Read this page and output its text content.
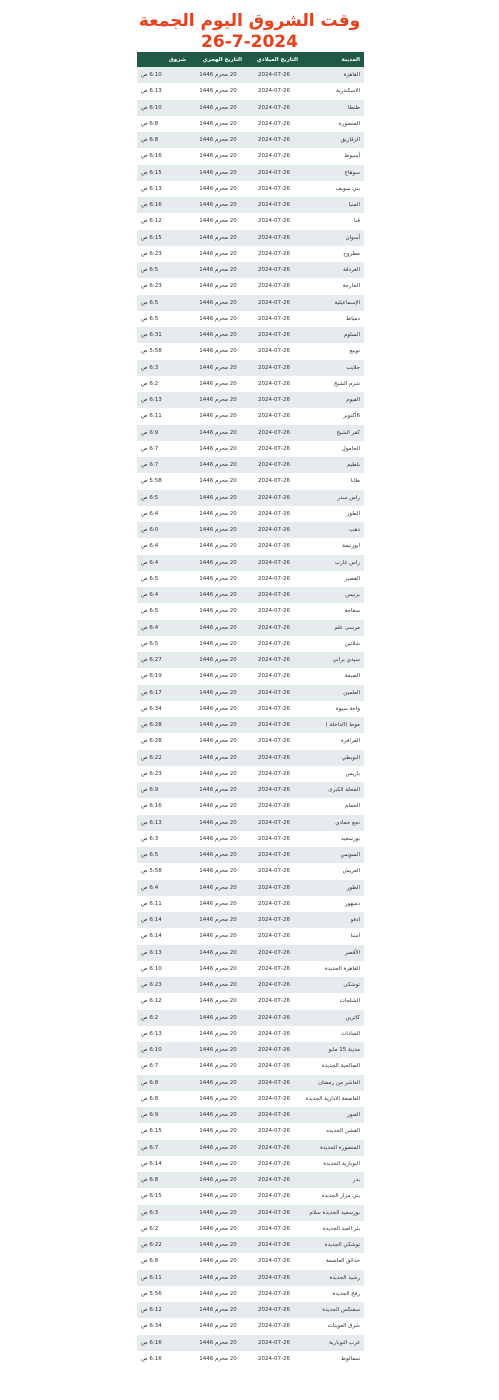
وقت الشروق اليوم الجمعة
26-7-2024
المدينة	التاريخ الميلادي	التاريخ الهجري	شروق
القاهرة	2024-07-26	20 محرم 1446	6:10 ص
الاسكندرية	2024-07-26	20 محرم 1446	6:13 ص
طنطا	2024-07-26	20 محرم 1446	6:10 ص
المنصورة	2024-07-26	20 محرم 1446	6:8 ص
الزقازيق	2024-07-26	20 محرم 1446	6:8 ص
أسيوط	2024-07-26	20 محرم 1446	6:16 ص
سوهاج	2024-07-26	20 محرم 1446	6:15 ص
بني سويف	2024-07-26	20 محرم 1446	6:13 ص
المنيا	2024-07-26	20 محرم 1446	6:16 ص
قنا	2024-07-26	20 محرم 1446	6:12 ص
أسوان	2024-07-26	20 محرم 1446	6:15 ص
مطروح	2024-07-26	20 محرم 1446	6:23 ص
الغردقة	2024-07-26	20 محرم 1446	6:5 ص
الخارجة	2024-07-26	20 محرم 1446	6:23 ص
الإسماعيلية	2024-07-26	20 محرم 1446	6:5 ص
دمياط	2024-07-26	20 محرم 1446	6:5 ص
السلوم	2024-07-26	20 محرم 1446	6:31 ص
نويبع	2024-07-26	20 محرم 1446	5:58 ص
حلايب	2024-07-26	20 محرم 1446	6:3 ص
شرم الشيخ	2024-07-26	20 محرم 1446	6:2 ص
الفيوم	2024-07-26	20 محرم 1446	6:13 ص
6أكتوبر	2024-07-26	20 محرم 1446	6:11 ص
كفر الشيخ	2024-07-26	20 محرم 1446	6:9 ص
الحامول	2024-07-26	20 محرم 1446	6:7 ص
بلطيم	2024-07-26	20 محرم 1446	6:7 ص
طابا	2024-07-26	20 محرم 1446	5:58 ص
راس سدر	2024-07-26	20 محرم 1446	6:5 ص
الطور	2024-07-26	20 محرم 1446	6:4 ص
دهب	2024-07-26	20 محرم 1446	6:0 ص
ابوزنيمة	2024-07-26	20 محرم 1446	6:4 ص
راس غارب	2024-07-26	20 محرم 1446	6:4 ص
القصير	2024-07-26	20 محرم 1446	6:5 ص
برنيس	2024-07-26	20 محرم 1446	6:4 ص
سفاجة	2024-07-26	20 محرم 1446	6:5 ص
مرسى علم	2024-07-26	20 محرم 1446	6:4 ص
شلاتين	2024-07-26	20 محرم 1446	6:5 ص
سيدي براني	2024-07-26	20 محرم 1446	6:27 ص
الضبعة	2024-07-26	20 محرم 1446	6:19 ص
العلمين	2024-07-26	20 محرم 1446	6:17 ص
واحة سيوة	2024-07-26	20 محرم 1446	6:34 ص
موط (الداخلة )	2024-07-26	20 محرم 1446	6:28 ص
الفرافرة	2024-07-26	20 محرم 1446	6:28 ص
البويطي	2024-07-26	20 محرم 1446	6:22 ص
باريس	2024-07-26	20 محرم 1446	6:23 ص
المحلة الكبرى	2024-07-26	20 محرم 1446	6:9 ص
الحمام	2024-07-26	20 محرم 1446	6:16 ص
نجع حمادي	2024-07-26	20 محرم 1446	6:13 ص
بورسعيد	2024-07-26	20 محرم 1446	6:3 ص
السويس	2024-07-26	20 محرم 1446	6:5 ص
العريش	2024-07-26	20 محرم 1446	5:58 ص
الطور	2024-07-26	20 محرم 1446	6:4 ص
دمنهور	2024-07-26	20 محرم 1446	6:11 ص
ادفو	2024-07-26	20 محرم 1446	6:14 ص
اسنا	2024-07-26	20 محرم 1446	6:14 ص
الأقصر	2024-07-26	20 محرم 1446	6:13 ص
القاهرة الجديدة	2024-07-26	20 محرم 1446	6:10 ص
توشكى	2024-07-26	20 محرم 1446	6:23 ص
الشلجات	2024-07-26	20 محرم 1446	6:12 ص
كاترين	2024-07-26	20 محرم 1446	6:2 ص
السادات	2024-07-26	20 محرم 1446	6:13 ص
مدينة 15 مايو	2024-07-26	20 محرم 1446	6:10 ص
الصالحية الجديدة	2024-07-26	20 محرم 1446	6:7 ص
العاشر من رمضان	2024-07-26	20 محرم 1446	6:8 ص
العاصمة الادارية الجديدة	2024-07-26	20 محرم 1446	6:8 ص
العبور	2024-07-26	20 محرم 1446	6:9 ص
الفشن الجديده	2024-07-26	20 محرم 1446	6:15 ص
المنصورة الجديدة	2024-07-26	20 محرم 1446	6:7 ص
النوبارية الجديدة	2024-07-26	20 محرم 1446	6:14 ص
بدر	2024-07-26	20 محرم 1446	6:8 ص
بني مزار الجديده	2024-07-26	20 محرم 1446	6:15 ص
بورسعيد الجديدة سلام	2024-07-26	20 محرم 1446	6:3 ص
بئر العبد الجديدة	2024-07-26	20 محرم 1446	6:2 ص
توشكي الجديدة	2024-07-26	20 محرم 1446	6:22 ص
حدائق العاصمة	2024-07-26	20 محرم 1446	6:8 ص
رشيد الجديدة	2024-07-26	20 محرم 1446	6:11 ص
رفح الجديدة	2024-07-26	20 محرم 1446	5:56 ص
سفنكس الجديدة	2024-07-26	20 محرم 1446	6:12 ص
شرق العوينات	2024-07-26	20 محرم 1446	6:34 ص
غرب النوبارية	2024-07-26	20 محرم 1446	6:16 ص
سمالوط	2024-07-26	20 محرم 1446	6:16 ص
